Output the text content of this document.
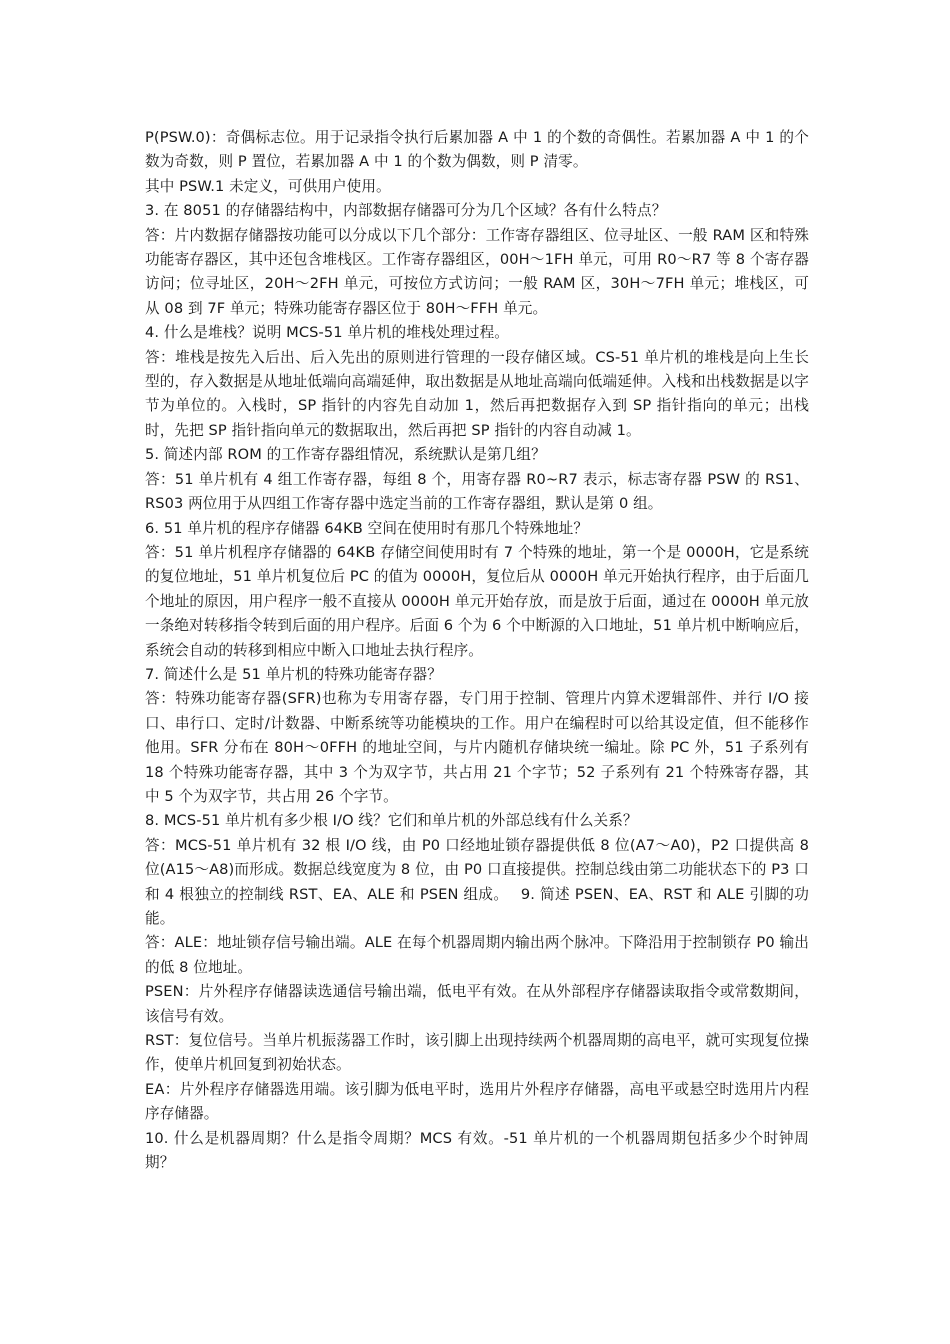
P(PSW.0)：奇偶标志位。用于记录指令执行后累加器 A 中 1 的个数的奇偶性。若累加器 A 中 1 的个数为奇数，则 P 置位，若累加器 A 中 1 的个数为偶数，则 P 清零。

其中 PSW.1 未定义，可供用户使用。

3. 在 8051 的存储器结构中，内部数据存储器可分为几个区域？各有什么特点？

答：片内数据存储器按功能可以分成以下几个部分：工作寄存器组区、位寻址区、一般 RAM 区和特殊功能寄存器区，其中还包含堆栈区。工作寄存器组区，00H～1FH 单元，可用 R0～R7 等 8 个寄存器访问；位寻址区，20H～2FH 单元，可按位方式访问；一般 RAM 区，30H～7FH 单元；堆栈区，可从 08 到 7F 单元；特殊功能寄存器区位于 80H～FFH 单元。

4. 什么是堆栈？说明 MCS-51 单片机的堆栈处理过程。

答：堆栈是按先入后出、后入先出的原则进行管理的一段存储区域。CS-51 单片机的堆栈是向上生长型的，存入数据是从地址低端向高端延伸，取出数据是从地址高端向低端延伸。入栈和出栈数据是以字节为单位的。入栈时，SP 指针的内容先自动加 1，然后再把数据存入到 SP 指针指向的单元；出栈时，先把 SP 指针指向单元的数据取出，然后再把 SP 指针的内容自动减 1。

5. 简述内部 ROM 的工作寄存器组情况，系统默认是第几组？

答：51 单片机有 4 组工作寄存器，每组 8 个，用寄存器 R0~R7 表示，标志寄存器 PSW 的 RS1、RS03 两位用于从四组工作寄存器中选定当前的工作寄存器组，默认是第 0 组。

6. 51 单片机的程序存储器 64KB 空间在使用时有那几个特殊地址？

答：51 单片机程序存储器的 64KB 存储空间使用时有 7 个特殊的地址，第一个是 0000H，它是系统的复位地址，51 单片机复位后 PC 的值为 0000H，复位后从 0000H 单元开始执行程序，由于后面几个地址的原因，用户程序一般不直接从 0000H 单元开始存放，而是放于后面，通过在 0000H 单元放一条绝对转移指令转到后面的用户程序。后面 6 个为 6 个中断源的入口地址，51 单片机中断响应后，系统会自动的转移到相应中断入口地址去执行程序。

7. 简述什么是 51 单片机的特殊功能寄存器？

答：特殊功能寄存器(SFR)也称为专用寄存器，专门用于控制、管理片内算术逻辑部件、并行 I/O 接口、串行口、定时/计数器、中断系统等功能模块的工作。用户在编程时可以给其设定值，但不能移作他用。SFR 分布在 80H～0FFH 的地址空间，与片内随机存储块统一编址。除 PC 外，51 子系列有 18 个特殊功能寄存器，其中 3 个为双字节，共占用 21 个字节；52 子系列有 21 个特殊寄存器，其中 5 个为双字节，共占用 26 个字节。

8. MCS-51 单片机有多少根 I/O 线？它们和单片机的外部总线有什么关系？

答：MCS-51 单片机有 32 根 I/O 线，由 P0 口经地址锁存器提供低 8 位(A7～A0)，P2 口提供高 8 位(A15～A8)而形成。数据总线宽度为 8 位，由 P0 口直接提供。控制总线由第二功能状态下的 P3 口和 4 根独立的控制线 RST、EA、ALE 和 PSEN 组成。　 9. 简述 PSEN、EA、RST 和 ALE 引脚的功能。

答：ALE：地址锁存信号输出端。ALE 在每个机器周期内输出两个脉冲。下降沿用于控制锁存 P0 输出的低 8 位地址。

PSEN：片外程序存储器读选通信号输出端，低电平有效。在从外部程序存储器读取指令或常数期间，该信号有效。

RST：复位信号。当单片机振荡器工作时，该引脚上出现持续两个机器周期的高电平，就可实现复位操作，使单片机回复到初始状态。

EA：片外程序存储器选用端。该引脚为低电平时，选用片外程序存储器，高电平或悬空时选用片内程序存储器。

10. 什么是机器周期？什么是指令周期？MCS 有效。-51 单片机的一个机器周期包括多少个时钟周期？
